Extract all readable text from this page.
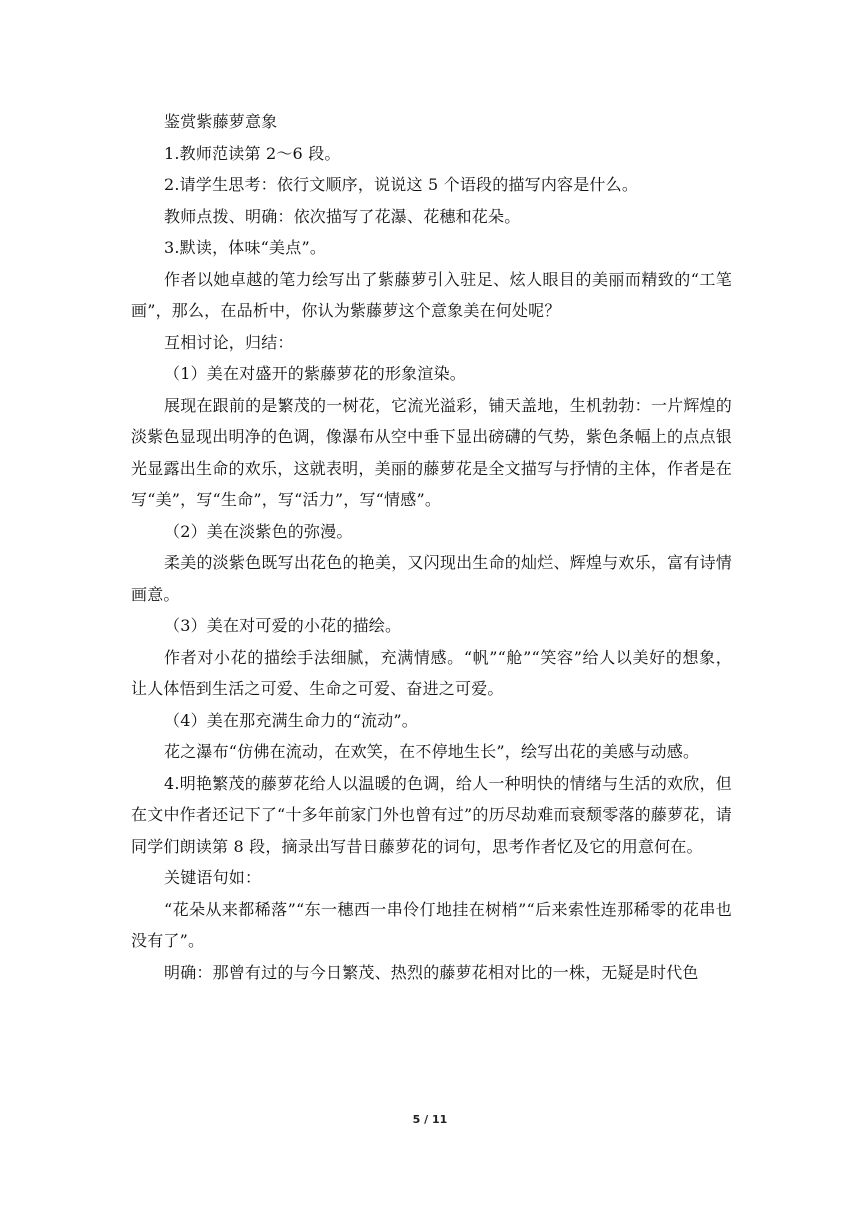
鉴赏紫藤萝意象

1.教师范读第 2～6 段。

2.请学生思考：依行文顺序，说说这 5 个语段的描写内容是什么。

教师点拨、明确：依次描写了花瀑、花穗和花朵。

3.默读，体味“美点”。

作者以她卓越的笔力绘写出了紫藤萝引入驻足、炫人眼目的美丽而精致的“工笔画”，那么，在品析中，你认为紫藤萝这个意象美在何处呢？

互相讨论，归结：

（1）美在对盛开的紫藤萝花的形象渲染。

展现在跟前的是繁茂的一树花，它流光溢彩，铺天盖地，生机勃勃：一片辉煌的淡紫色显现出明净的色调，像瀑布从空中垂下显出磅礴的气势，紫色条幅上的点点银光显露出生命的欢乐，这就表明，美丽的藤萝花是全文描写与抒情的主体，作者是在写“美”，写“生命”，写“活力”，写“情感”。

（2）美在淡紫色的弥漫。

柔美的淡紫色既写出花色的艳美，又闪现出生命的灿烂、辉煌与欢乐，富有诗情画意。

（3）美在对可爱的小花的描绘。

作者对小花的描绘手法细腻，充满情感。“帆”“舱”“笑容”给人以美好的想象，让人体悟到生活之可爱、生命之可爱、奋进之可爱。

（4）美在那充满生命力的“流动”。

花之瀑布“仿佛在流动，在欢笑，在不停地生长”，绘写出花的美感与动感。

4.明艳繁茂的藤萝花给人以温暖的色调，给人一种明快的情绪与生活的欢欣，但在文中作者还记下了“十多年前家门外也曾有过”的历尽劫难而衰颓零落的藤萝花，请同学们朗读第 8 段，摘录出写昔日藤萝花的词句，思考作者忆及它的用意何在。

关键语句如：

“花朵从来都稀落”“东一穗西一串伶仃地挂在树梢”“后来索性连那稀零的花串也没有了”。

明确：那曾有过的与今日繁茂、热烈的藤萝花相对比的一株，无疑是时代色

5 / 11
